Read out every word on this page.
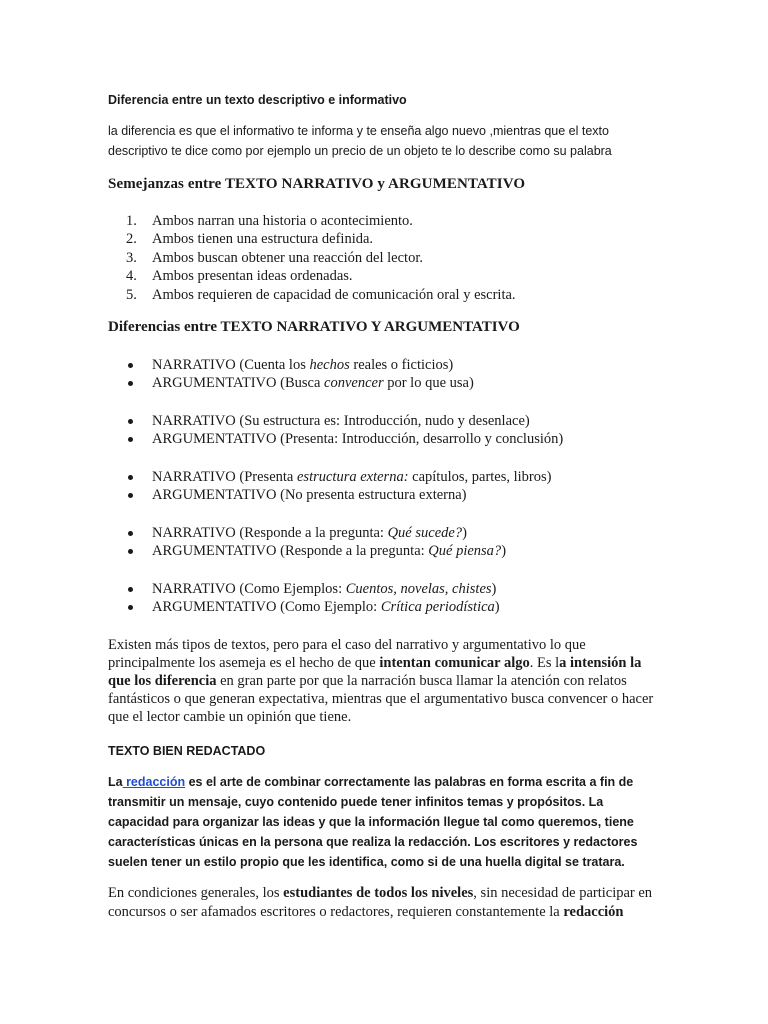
Diferencia entre un texto descriptivo e informativo

la diferencia es que el informativo te informa y te enseña algo nuevo ,mientras que el texto descriptivo te dice como por ejemplo un precio de un objeto te lo describe como su palabra

Semejanzas entre TEXTO NARRATIVO y ARGUMENTATIVO

1.	Ambos narran una historia o acontecimiento.
2.	Ambos tienen una estructura definida.
3.	Ambos buscan obtener una reacción del lector.
4.	Ambos presentan ideas ordenadas.
5.	Ambos requieren de capacidad de comunicación oral y escrita.

Diferencias entre TEXTO NARRATIVO Y ARGUMENTATIVO

NARRATIVO (Cuenta los hechos reales o ficticios)
ARGUMENTATIVO (Busca convencer por lo que usa)
NARRATIVO (Su estructura es: Introducción, nudo y desenlace)
ARGUMENTATIVO (Presenta: Introducción, desarrollo y conclusión)
NARRATIVO (Presenta estructura externa: capítulos, partes, libros)
ARGUMENTATIVO (No presenta estructura externa)
NARRATIVO (Responde a la pregunta: Qué sucede?)
ARGUMENTATIVO (Responde a la pregunta: Qué piensa?)
NARRATIVO (Como Ejemplos: Cuentos, novelas, chistes)
ARGUMENTATIVO (Como Ejemplo: Crítica periodística)

Existen más tipos de textos, pero para el caso del narrativo y argumentativo lo que principalmente los asemeja es el hecho de que intentan comunicar algo. Es la intensión la que los diferencia en gran parte por que la narración busca llamar la atención con relatos fantásticos o que generan expectativa, mientras que el argumentativo busca convencer o hacer que el lector cambie un opinión que tiene.

TEXTO BIEN REDACTADO

La redacción es el arte de combinar correctamente las palabras en forma escrita a fin de transmitir un mensaje, cuyo contenido puede tener infinitos temas y propósitos. La capacidad para organizar las ideas y que la información llegue tal como queremos, tiene características únicas en la persona que realiza la redacción. Los escritores y redactores suelen tener un estilo propio que les identifica, como si de una huella digital se tratara.

En condiciones generales, los estudiantes de todos los niveles, sin necesidad de participar en concursos o ser afamados escritores o redactores, requieren constantemente la redacción
